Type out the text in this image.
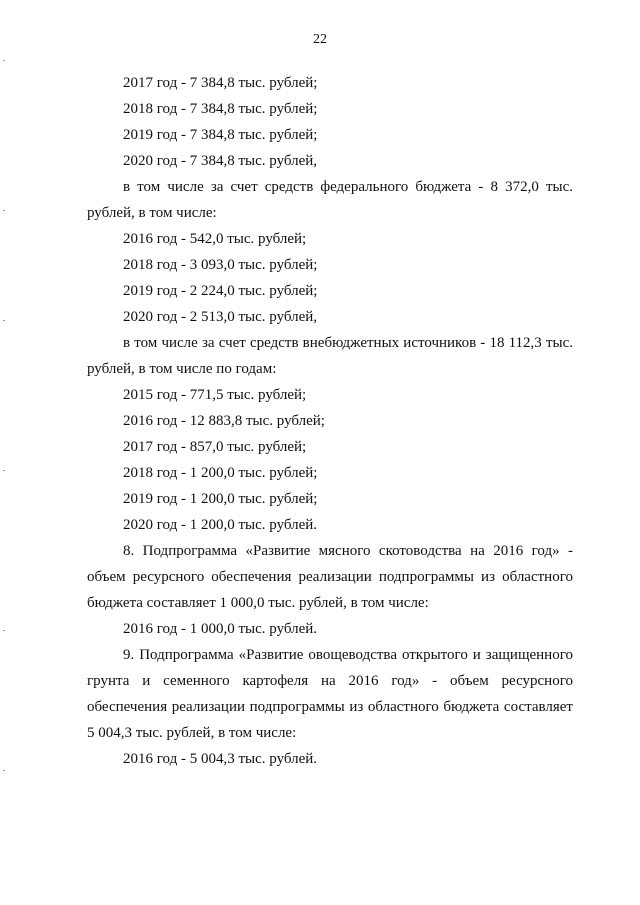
22
2017 год - 7 384,8 тыс. рублей;
2018 год - 7 384,8 тыс. рублей;
2019 год - 7 384,8 тыс. рублей;
2020 год - 7 384,8 тыс. рублей,
в том числе за счет средств федерального бюджета - 8 372,0 тыс. рублей, в том числе:
2016 год - 542,0 тыс. рублей;
2018 год - 3 093,0 тыс. рублей;
2019 год - 2 224,0 тыс. рублей;
2020 год - 2 513,0 тыс. рублей,
в том числе за счет средств внебюджетных источников - 18 112,3 тыс. рублей, в том числе по годам:
2015 год - 771,5 тыс. рублей;
2016 год - 12 883,8 тыс. рублей;
2017 год - 857,0 тыс. рублей;
2018 год - 1 200,0 тыс. рублей;
2019 год - 1 200,0 тыс. рублей;
2020 год - 1 200,0 тыс. рублей.
8. Подпрограмма «Развитие мясного скотоводства на 2016 год» - объем ресурсного обеспечения реализации подпрограммы из областного бюджета составляет 1 000,0 тыс. рублей, в том числе:
2016 год - 1 000,0 тыс. рублей.
9. Подпрограмма «Развитие овощеводства открытого и защищенного грунта и семенного картофеля на 2016 год» - объем ресурсного обеспечения реализации подпрограммы из областного бюджета составляет 5 004,3 тыс. рублей, в том числе:
2016 год - 5 004,3 тыс. рублей.
